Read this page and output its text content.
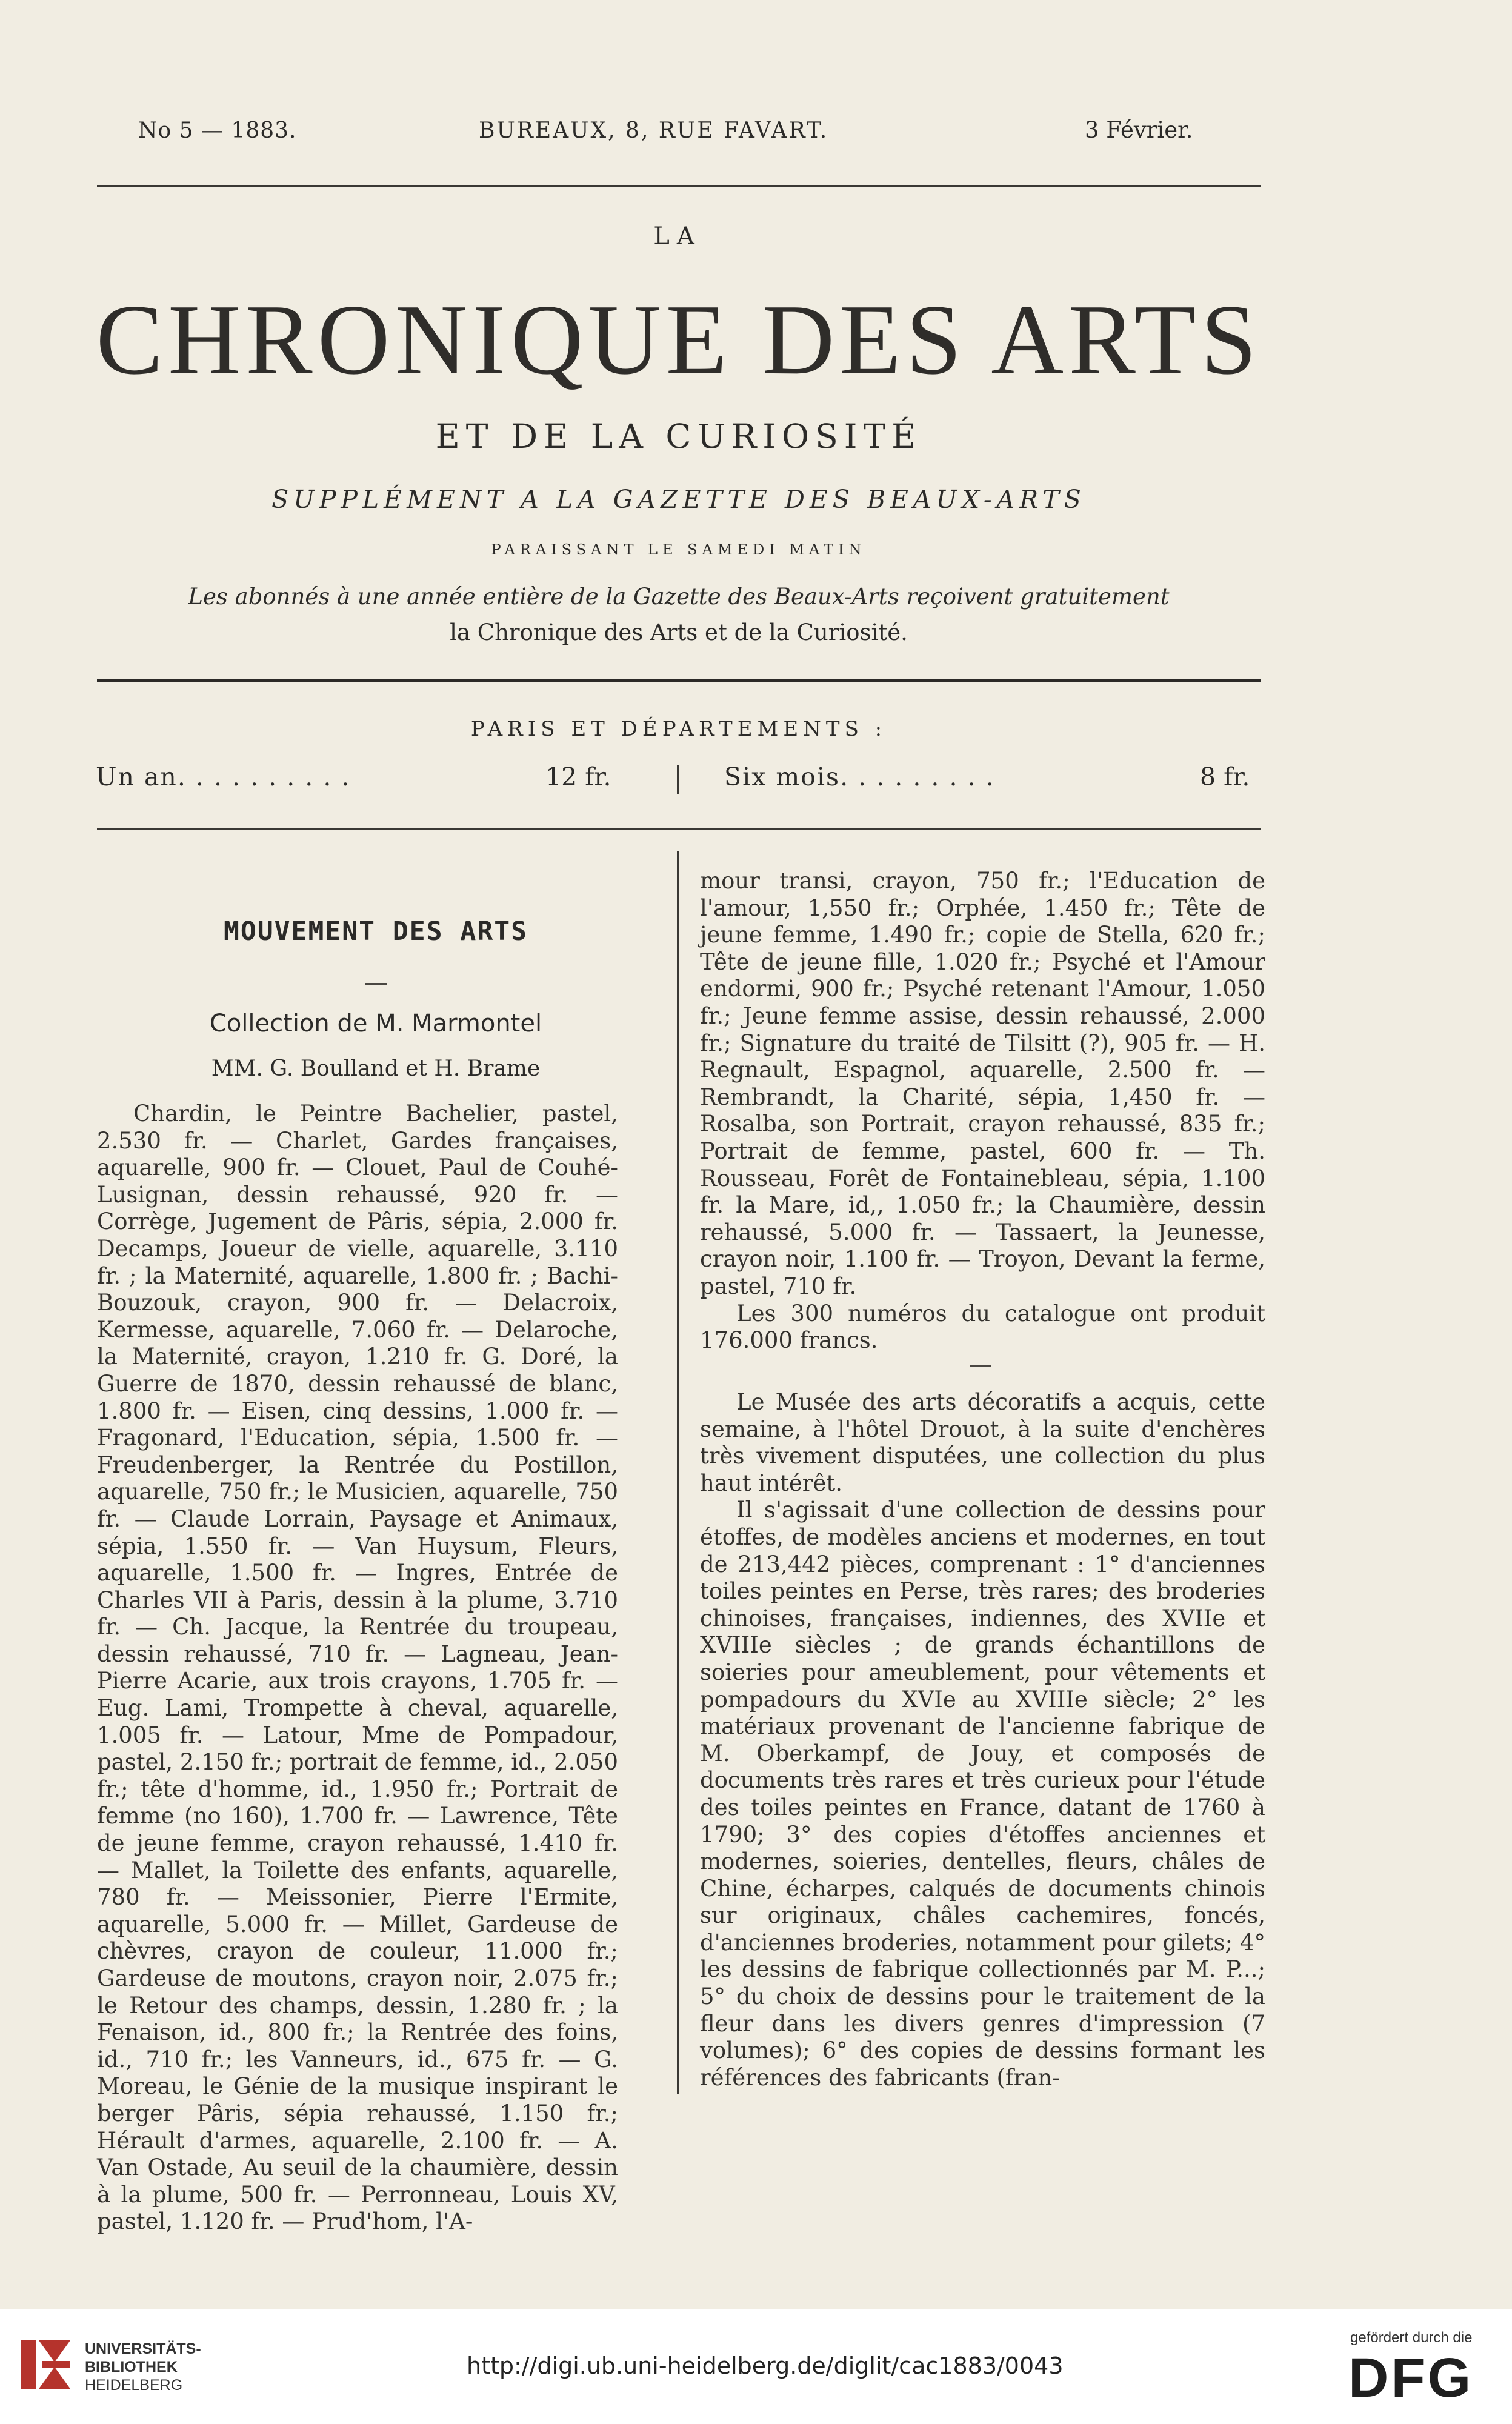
No 5 — 1883.	BUREAUX, 8, RUE FAVART.	3 Février.
LA
CHRONIQUE DES ARTS
ET DE LA CURIOSITÉ
SUPPLÉMENT A LA GAZETTE DES BEAUX-ARTS
PARAISSANT LE SAMEDI MATIN
Les abonnés à une année entière de la Gazette des Beaux-Arts reçoivent gratuitement
la Chronique des Arts et de la Curiosité.
PARIS ET DÉPARTEMENTS :
Un an. . . . . . . . . .	12 fr.	Six mois. . . . . . . . .	8 fr.
MOUVEMENT DES ARTS
Collection de M. Marmontel
MM. G. Boulland et H. Brame

Chardin, le Peintre Bachelier, pastel, 2.530 fr. — Charlet, Gardes françaises, aquarelle, 900 fr. — Clouet, Paul de Couhé-Lusignan, dessin rehaussé, 920 fr. — Corrège, Jugement de Pâris, sépia, 2.000 fr. Decamps, Joueur de vielle, aquarelle, 3.110 fr. ; la Maternité, aquarelle, 1.800 fr. ; Bachi-Bouzouk, crayon, 900 fr. — Delacroix, Kermesse, aquarelle, 7.060 fr. — Delaroche, la Maternité, crayon, 1.210 fr. G. Doré, la Guerre de 1870, dessin rehaussé de blanc, 1.800 fr. — Eisen, cinq dessins, 1.000 fr. — Fragonard, l'Education, sépia, 1.500 fr. — Freudenberger, la Rentrée du Postillon, aquarelle, 750 fr.; le Musicien, aquarelle, 750 fr. — Claude Lorrain, Paysage et Animaux, sépia, 1.550 fr. — Van Huysum, Fleurs, aquarelle, 1.500 fr. — Ingres, Entrée de Charles VII à Paris, dessin à la plume, 3.710 fr. — Ch. Jacque, la Rentrée du troupeau, dessin rehaussé, 710 fr. — Lagneau, Jean-Pierre Acarie, aux trois crayons, 1.705 fr. — Eug. Lami, Trompette à cheval, aquarelle, 1.005 fr. — Latour, Mme de Pompadour, pastel, 2.150 fr.; portrait de femme, id., 2.050 fr.; tête d'homme, id., 1.950 fr.; Portrait de femme (no 160), 1.700 fr. — Lawrence, Tête de jeune femme, crayon rehaussé, 1.410 fr. — Mallet, la Toilette des enfants, aquarelle, 780 fr. — Meissonier, Pierre l'Ermite, aquarelle, 5.000 fr. — Millet, Gardeuse de chèvres, crayon de couleur, 11.000 fr.; Gardeuse de moutons, crayon noir, 2.075 fr.; le Retour des champs, dessin, 1.280 fr. ; la Fenaison, id., 800 fr.; la Rentrée des foins, id., 710 fr.; les Vanneurs, id., 675 fr. — G. Moreau, le Génie de la musique inspirant le berger Pâris, sépia rehaussé, 1.150 fr.; Hérault d'armes, aquarelle, 2.100 fr. — A. Van Ostade, Au seuil de la chaumière, dessin à la plume, 500 fr. — Perronneau, Louis XV, pastel, 1.120 fr. — Prud'hom, l'A-

mour transi, crayon, 750 fr.; l'Education de l'amour, 1,550 fr.; Orphée, 1.450 fr.; Tête de jeune femme, 1.490 fr.; copie de Stella, 620 fr.; Tête de jeune fille, 1.020 fr.; Psyché et l'Amour endormi, 900 fr.; Psyché retenant l'Amour, 1.050 fr.; Jeune femme assise, dessin rehaussé, 2.000 fr.; Signature du traité de Tilsitt (?), 905 fr. — H. Regnault, Espagnol, aquarelle, 2.500 fr. — Rembrandt, la Charité, sépia, 1,450 fr. — Rosalba, son Portrait, crayon rehaussé, 835 fr.; Portrait de femme, pastel, 600 fr. — Th. Rousseau, Forêt de Fontainebleau, sépia, 1.100 fr. la Mare, id,, 1.050 fr.; la Chaumière, dessin rehaussé, 5.000 fr. — Tassaert, la Jeunesse, crayon noir, 1.100 fr. — Troyon, Devant la ferme, pastel, 710 fr.

Les 300 numéros du catalogue ont produit 176.000 francs.

Le Musée des arts décoratifs a acquis, cette semaine, à l'hôtel Drouot, à la suite d'enchères très vivement disputées, une collection du plus haut intérêt.

Il s'agissait d'une collection de dessins pour étoffes, de modèles anciens et modernes, en tout de 213,442 pièces, comprenant : 1° d'anciennes toiles peintes en Perse, très rares; des broderies chinoises, françaises, indiennes, des XVIIe et XVIIIe siècles ; de grands échantillons de soieries pour ameublement, pour vêtements et pompadours du XVIe au XVIIIe siècle; 2° les matériaux provenant de l'ancienne fabrique de M. Oberkampf, de Jouy, et composés de documents très rares et très curieux pour l'étude des toiles peintes en France, datant de 1760 à 1790; 3° des copies d'étoffes anciennes et modernes, soieries, dentelles, fleurs, châles de Chine, écharpes, calqués de documents chinois sur originaux, châles cachemires, foncés, d'anciennes broderies, notamment pour gilets; 4° les dessins de fabrique collectionnés par M. P...; 5° du choix de dessins pour le traitement de la fleur dans les divers genres d'impression (7 volumes); 6° des copies de dessins formant les références des fabricants (fran-

UNIVERSITÄTS-
BIBLIOTHEK
HEIDELBERG
http://digi.ub.uni-heidelberg.de/diglit/cac1883/0043
gefördert durch die
DFG
